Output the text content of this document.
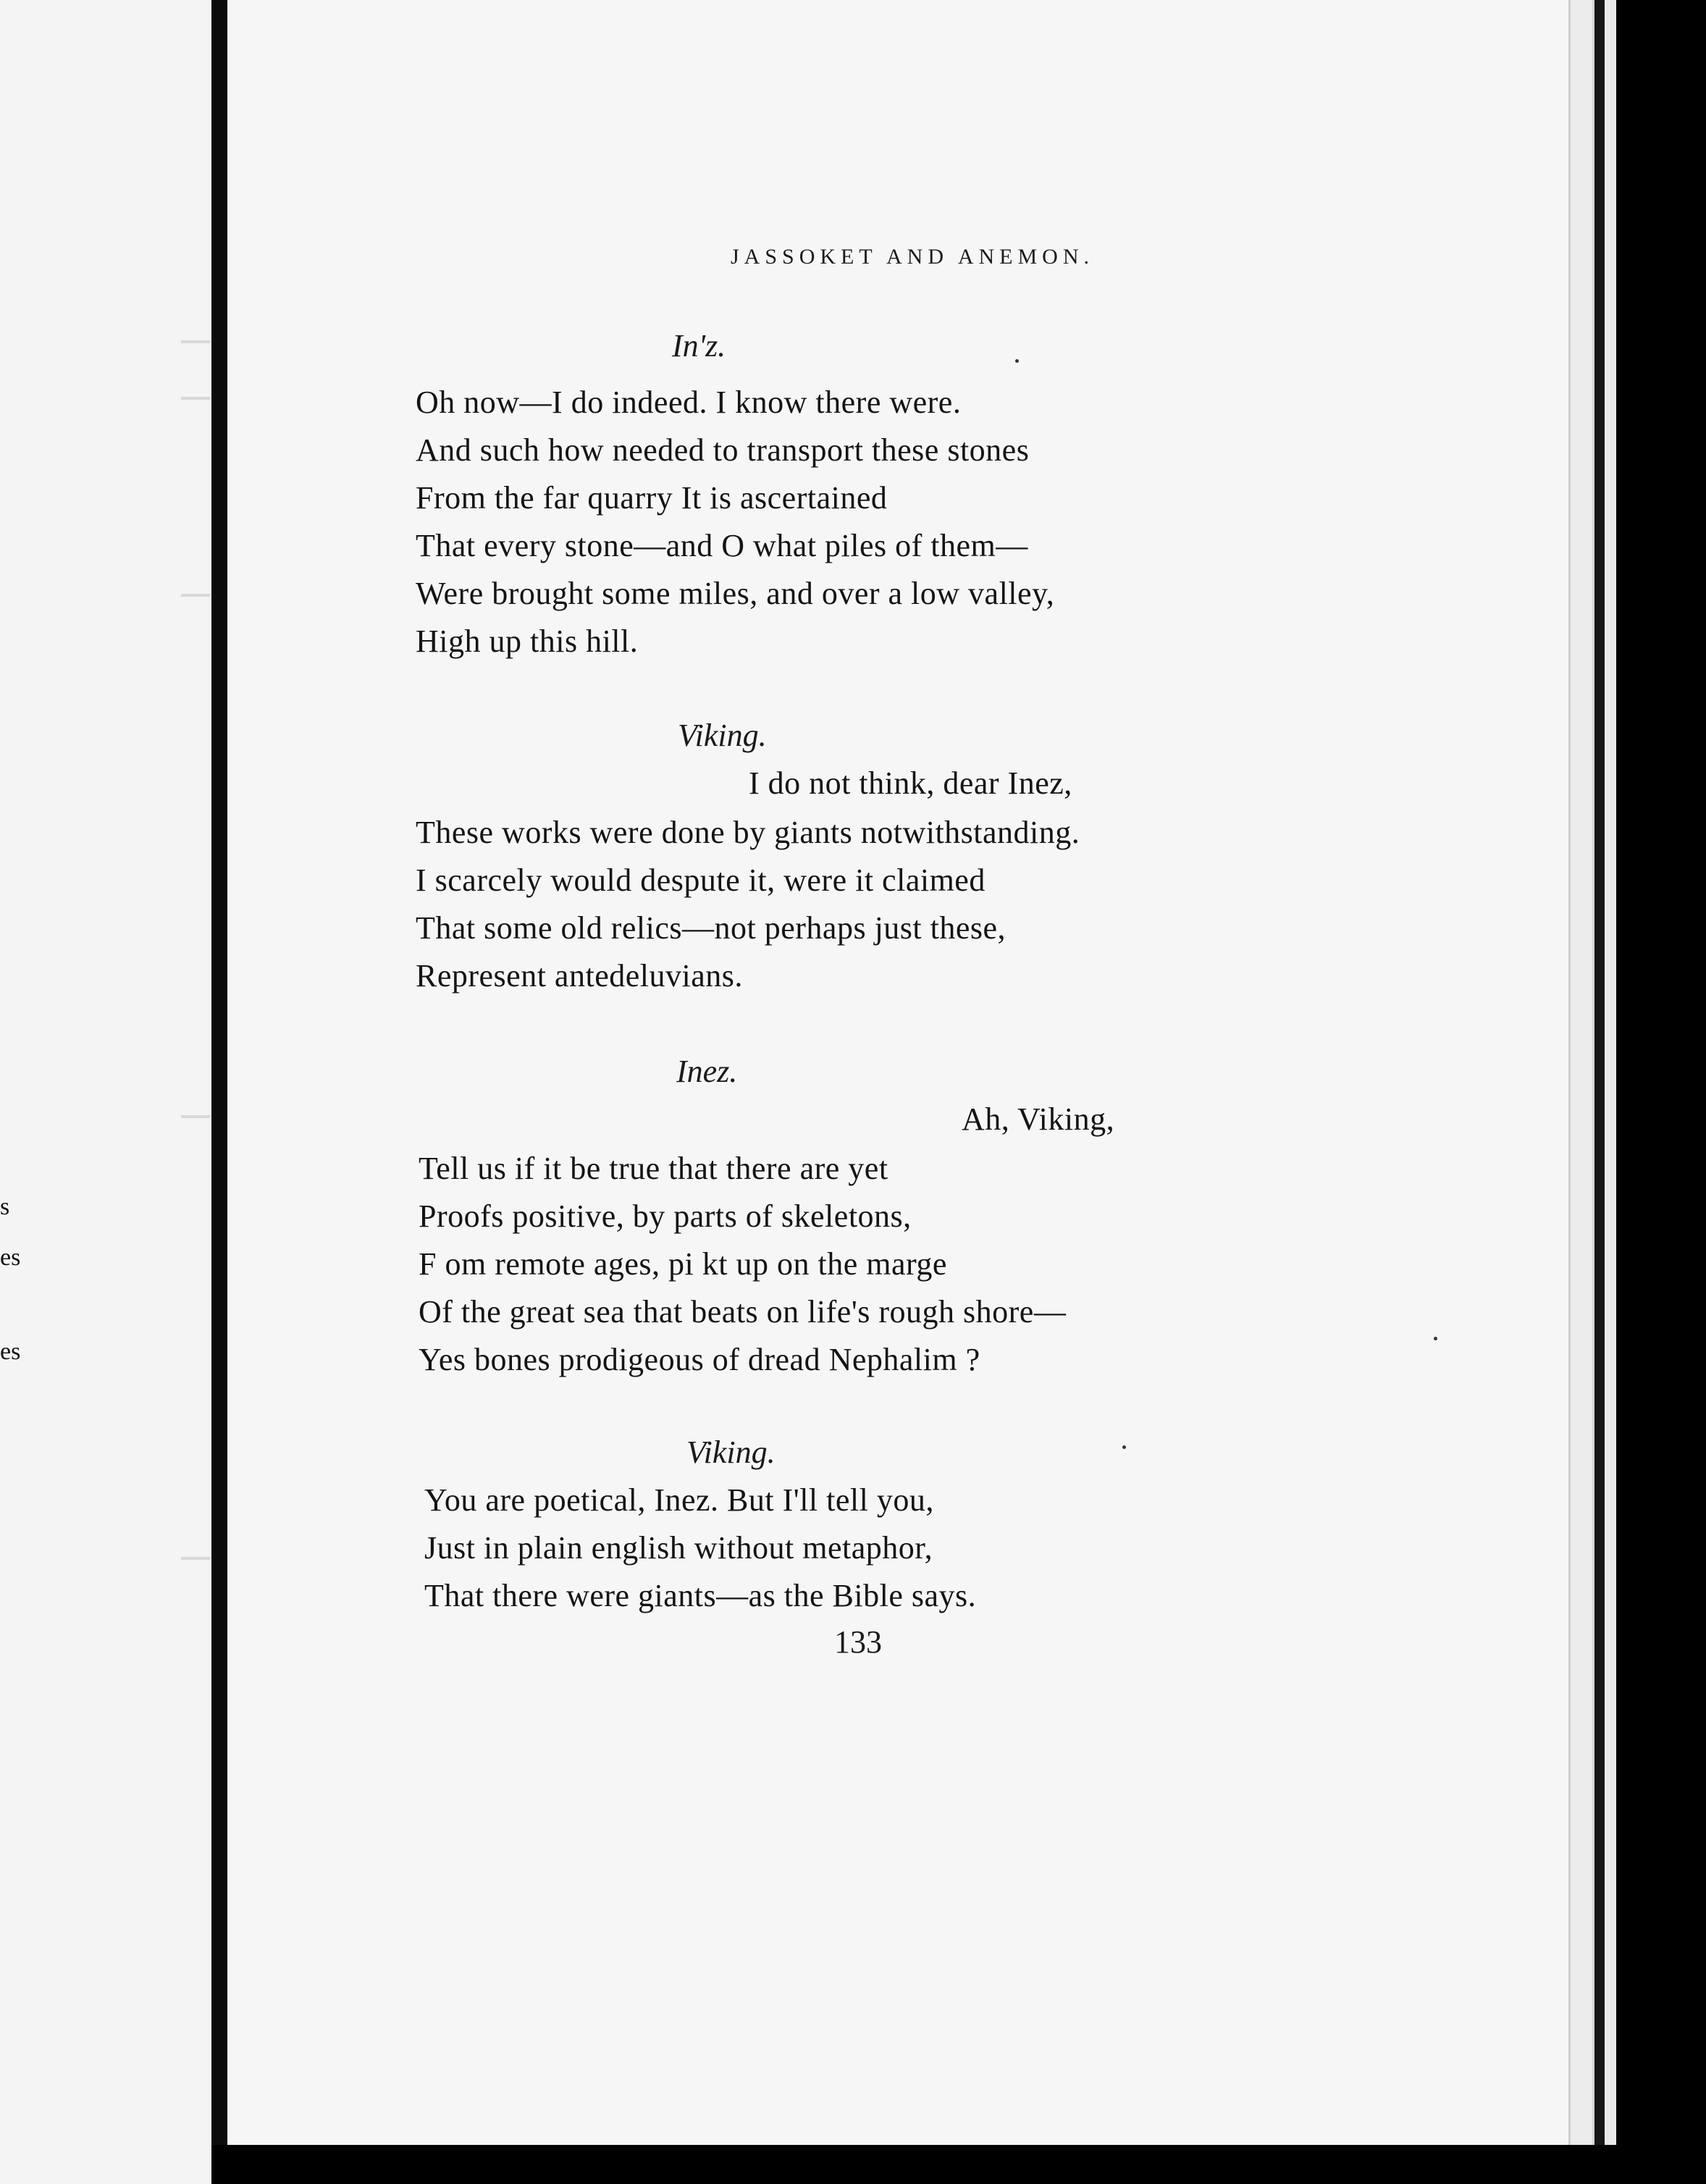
s
es
es
JASSOKET AND ANEMON.
In'z.
Oh now—I do indeed. I know there were.
And such how needed to transport these stones
From the far quarry It is ascertained
That every stone—and O what piles of them—
Were brought some miles, and over a low valley,
High up this hill.
Viking.
I do not think, dear Inez,
These works were done by giants notwithstanding.
I scarcely would despute it, were it claimed
That some old relics—not perhaps just these,
Represent antedeluvians.
Inez.
Ah, Viking,
Tell us if it be true that there are yet
Proofs positive, by parts of skeletons,
F om remote ages, pi kt up on the marge
Of the great sea that beats on life's rough shore—
Yes bones prodigeous of dread Nephalim ?
Viking.
You are poetical, Inez. But I'll tell you,
Just in plain english without metaphor,
That there were giants—as the Bible says.
133
